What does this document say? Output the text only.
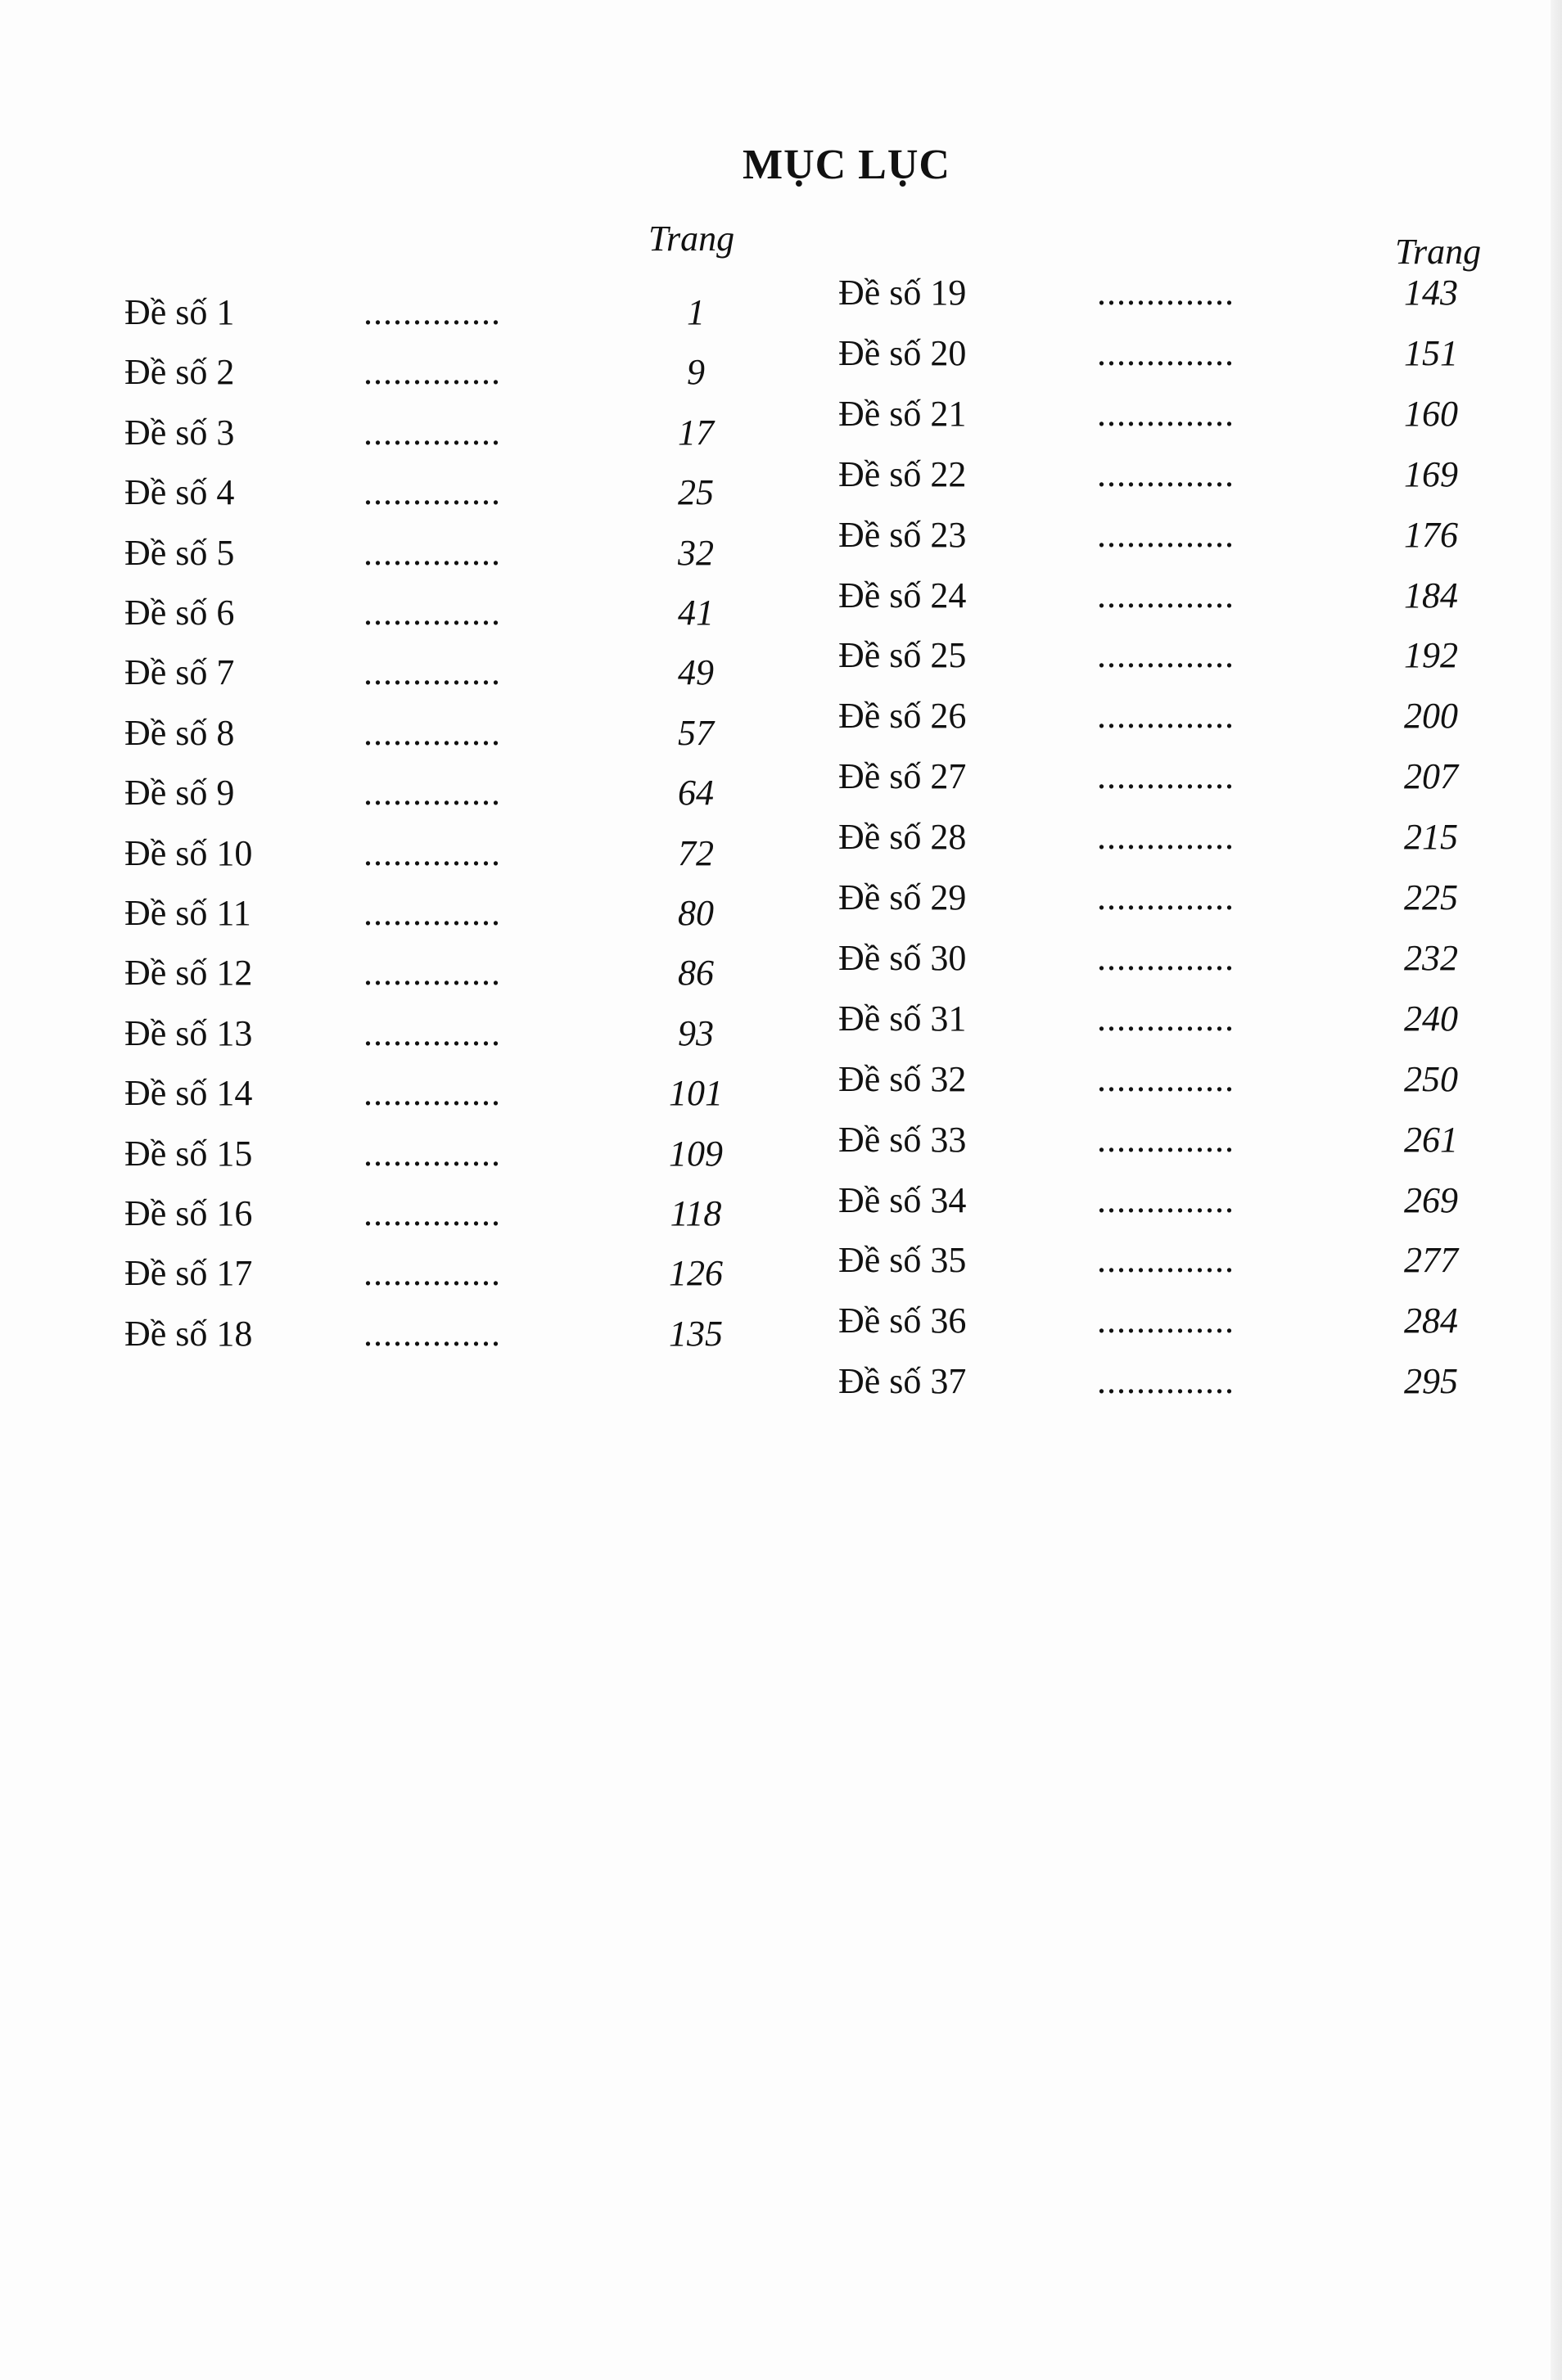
MỤC LỤC
Trang
Đề số 1	..............	1
Đề số 2	..............	9
Đề số 3	..............	17
Đề số 4	..............	25
Đề số 5	..............	32
Đề số 6	..............	41
Đề số 7	..............	49
Đề số 8	..............	57
Đề số 9	..............	64
Đề số 10	..............	72
Đề số 11	..............	80
Đề số 12	..............	86
Đề số 13	..............	93
Đề số 14	..............	101
Đề số 15	..............	109
Đề số 16	..............	118
Đề số 17	..............	126
Đề số 18	..............	135
Trang
Đề số 19	..............	143
Đề số 20	..............	151
Đề số 21	..............	160
Đề số 22	..............	169
Đề số 23	..............	176
Đề số 24	..............	184
Đề số 25	..............	192
Đề số 26	..............	200
Đề số 27	..............	207
Đề số 28	..............	215
Đề số 29	..............	225
Đề số 30	..............	232
Đề số 31	..............	240
Đề số 32	..............	250
Đề số 33	..............	261
Đề số 34	..............	269
Đề số 35	..............	277
Đề số 36	..............	284
Đề số 37	..............	295
